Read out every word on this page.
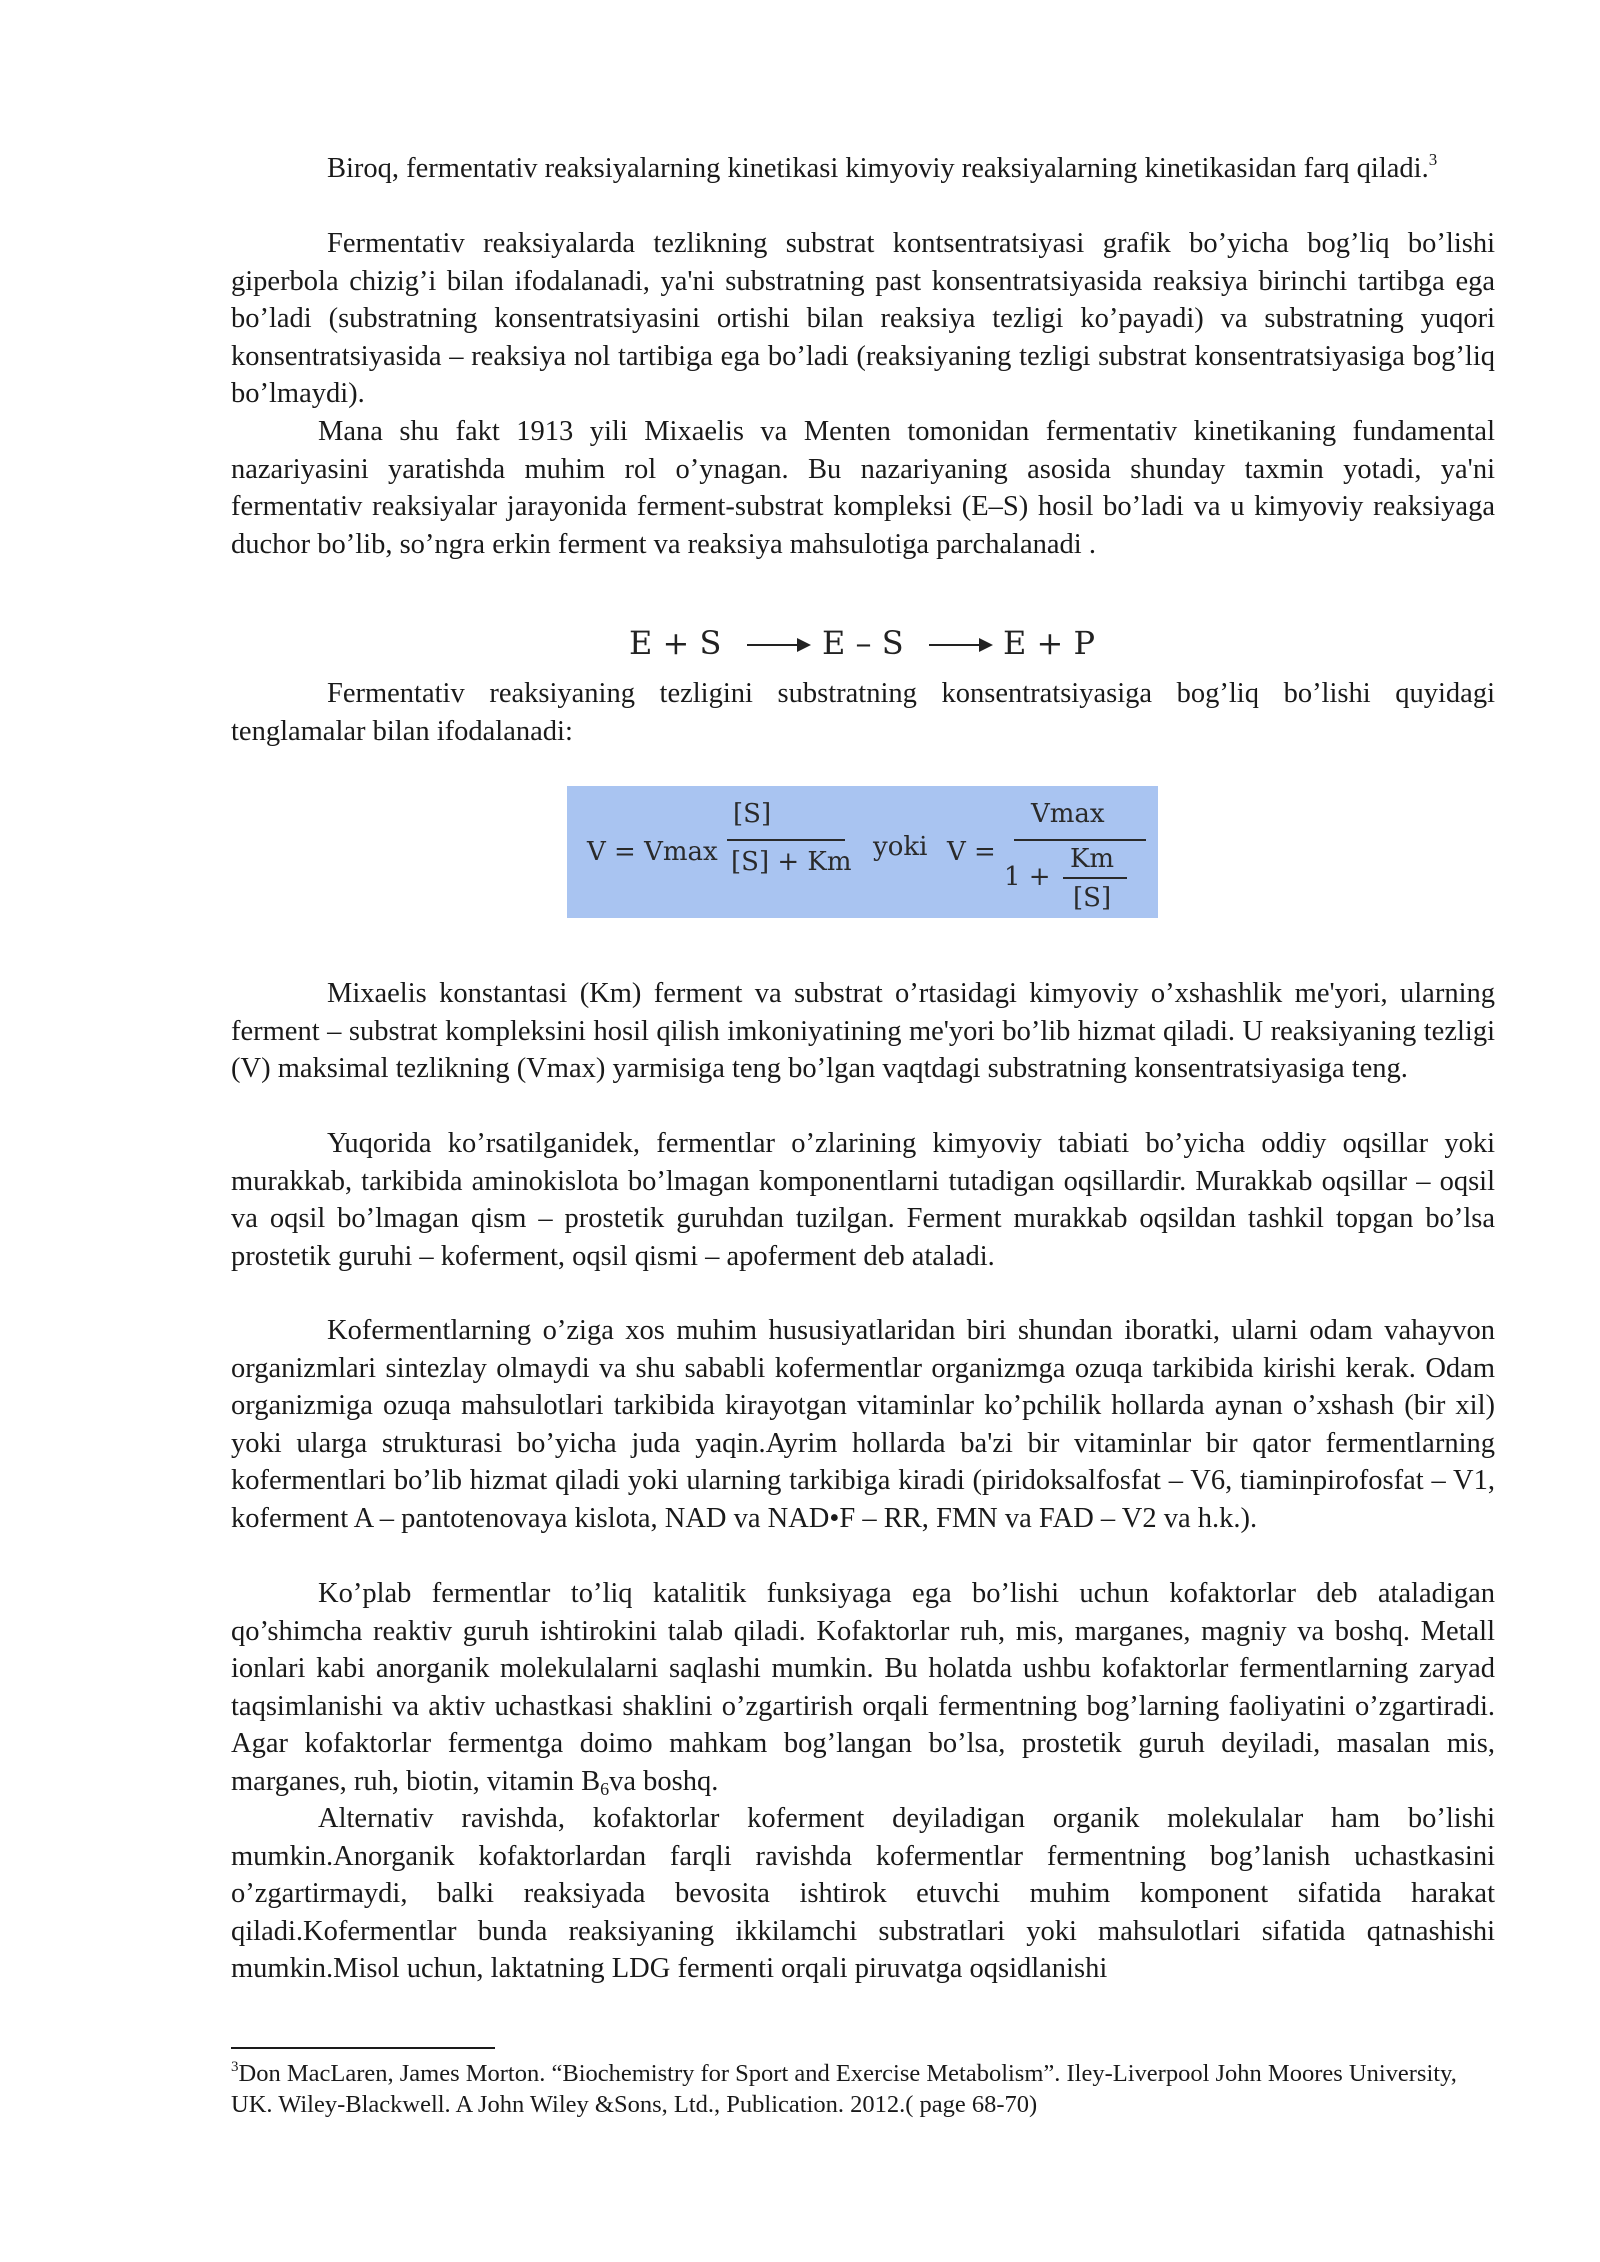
Biroq, fermentativ reaksiyalarning kinetikasi kimyoviy reaksiyalarning kinetikasidan farq qiladi.$^3$

Fermentativ reaksiyalarda tezlikning substrat kontsentratsiyasi grafik bo’yicha bog’liq bo’lishi giperbola chizig’i bilan ifodalanadi, ya'ni substratning past konsentratsiyasida reaksiya birinchi tartibga ega bo’ladi (substratning konsentratsiyasini ortishi bilan reaksiya tezligi ko’payadi) va substratning yuqori konsentratsiyasida – reaksiya nol tartibiga ega bo’ladi (reaksiyaning tezligi substrat konsentratsiyasiga bog’liq bo’lmaydi).

Mana shu fakt 1913 yili Mixaelis va Menten tomonidan fermentativ kinetikaning fundamental nazariyasini yaratishda muhim rol o’ynagan. Bu nazariyaning asosida shunday taxmin yotadi, ya'ni fermentativ reaksiyalar jarayonida ferment-substrat kompleksi (E–S) hosil bo’ladi va u kimyoviy reaksiyaga duchor bo’lib, so’ngra erkin ferment va reaksiya mahsulotiga parchalanadi .

E + S → E – S → E + P

Fermentativ reaksiyaning tezligini substratning konsentratsiyasiga bog’liq bo’lishi quyidagi tenglamalar bilan ifodalanadi:

V = Vmax
[S]
[S] + Km yoki V =
Vmax
1 +
Km
[S]

Mixaelis konstantasi (Km) ferment va substrat o’rtasidagi kimyoviy o’xshashlik me'yori, ularning ferment – substrat kompleksini hosil qilish imkoniyatining me'yori bo’lib hizmat qiladi. U reaksiyaning tezligi (V) maksimal tezlikning (Vmax) yarmisiga teng bo’lgan vaqtdagi substratning konsentratsiyasiga teng.

Yuqorida ko’rsatilganidek, fermentlar o’zlarining kimyoviy tabiati bo’yicha oddiy oqsillar yoki murakkab, tarkibida aminokislota bo’lmagan komponentlarni tutadigan oqsillardir. Murakkab oqsillar – oqsil va oqsil bo’lmagan qism – prostetik guruhdan tuzilgan. Ferment murakkab oqsildan tashkil topgan bo’lsa prostetik guruhi – koferment, oqsil qismi – apoferment deb ataladi.

Kofermentlarning o’ziga xos muhim hususiyatlaridan biri shundan iboratki, ularni odam vahayvon organizmlari sintezlay olmaydi va shu sababli kofermentlar organizmga ozuqa tarkibida kirishi kerak. Odam organizmiga ozuqa mahsulotlari tarkibida kirayotgan vitaminlar ko’pchilik hollarda aynan o’xshash (bir xil) yoki ularga strukturasi bo’yicha juda yaqin.Ayrim hollarda ba'zi bir vitaminlar bir qator fermentlarning kofermentlari bo’lib hizmat qiladi yoki ularning tarkibiga kiradi (piridoksalfosfat – V6, tiaminpirofosfat – V1, koferment A – pantotenovaya kislota, NAD va NAD•F – RR, FMN va FAD – V2 va h.k.).

Ko’plab fermentlar to’liq katalitik funksiyaga ega bo’lishi uchun kofaktorlar deb ataladigan qo’shimcha reaktiv guruh ishtirokini talab qiladi. Kofaktorlar ruh, mis, marganes, magniy va boshq. Metall ionlari kabi anorganik molekulalarni saqlashi mumkin. Bu holatda ushbu kofaktorlar fermentlarning zaryad taqsimlanishi va aktiv uchastkasi shaklini o’zgartirish orqali fermentning bog’larning faoliyatini o’zgartiradi. Agar kofaktorlar fermentga doimo mahkam bog’langan bo’lsa, prostetik guruh deyiladi, masalan mis, marganes, ruh, biotin, vitamin $B_6va$ boshq.

Alternativ ravishda, kofaktorlar koferment deyiladigan organik molekulalar ham bo’lishi mumkin.Anorganik kofaktorlardan farqli ravishda kofermentlar fermentning bog’lanish uchastkasini o’zgartirmaydi, balki reaksiyada bevosita ishtirok etuvchi muhim komponent sifatida harakat qiladi.Kofermentlar bunda reaksiyaning ikkilamchi substratlari yoki mahsulotlari sifatida qatnashishi mumkin.Misol uchun, laktatning LDG fermenti orqali piruvatga oqsidlanishi

$^3$Don MacLaren, James Morton. “Biochemistry for Sport and Exercise Metabolism”. Iley-Liverpool John Moores University, UK. Wiley-Blackwell. A John Wiley &Sons, Ltd., Publication. 2012.( page 68-70)
